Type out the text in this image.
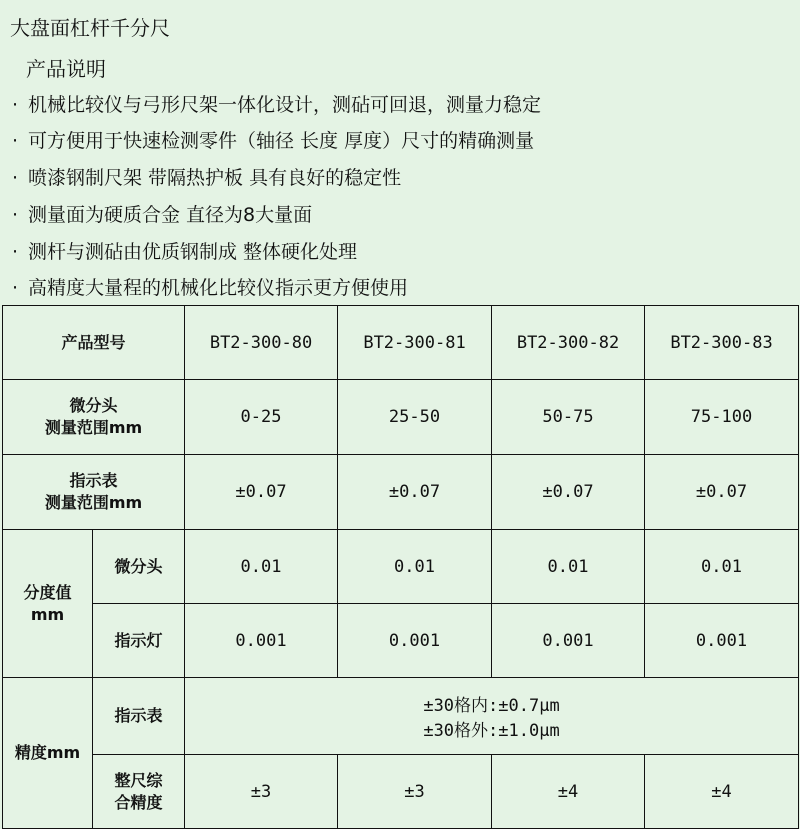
大盘面杠杆千分尺
产品说明
· 机械比较仪与弓形尺架一体化设计，测砧可回退，测量力稳定
· 可方便用于快速检测零件（轴径 长度 厚度）尺寸的精确测量
· 喷漆钢制尺架 带隔热护板 具有良好的稳定性
· 测量面为硬质合金 直径为8大量面
· 测杆与测砧由优质钢制成 整体硬化处理
· 高精度大量程的机械化比较仪指示更方便使用
产品型号		BT2-300-80	BT2-300-81	BT2-300-82	BT2-300-83

微分头
测量范围mm		0-25	25-50	50-75	75-100

指示表
测量范围mm		±0.07	±0.07	±0.07	±0.07

分度值
mm	微分头	0.01	0.01	0.01	0.01
	指示灯	0.001	0.001	0.001	0.001
精度mm	指示表	±30格内:±0.7μm
±30格外:±1.0μm			

	整尺综
合精度	±3	±3	±4	±4
